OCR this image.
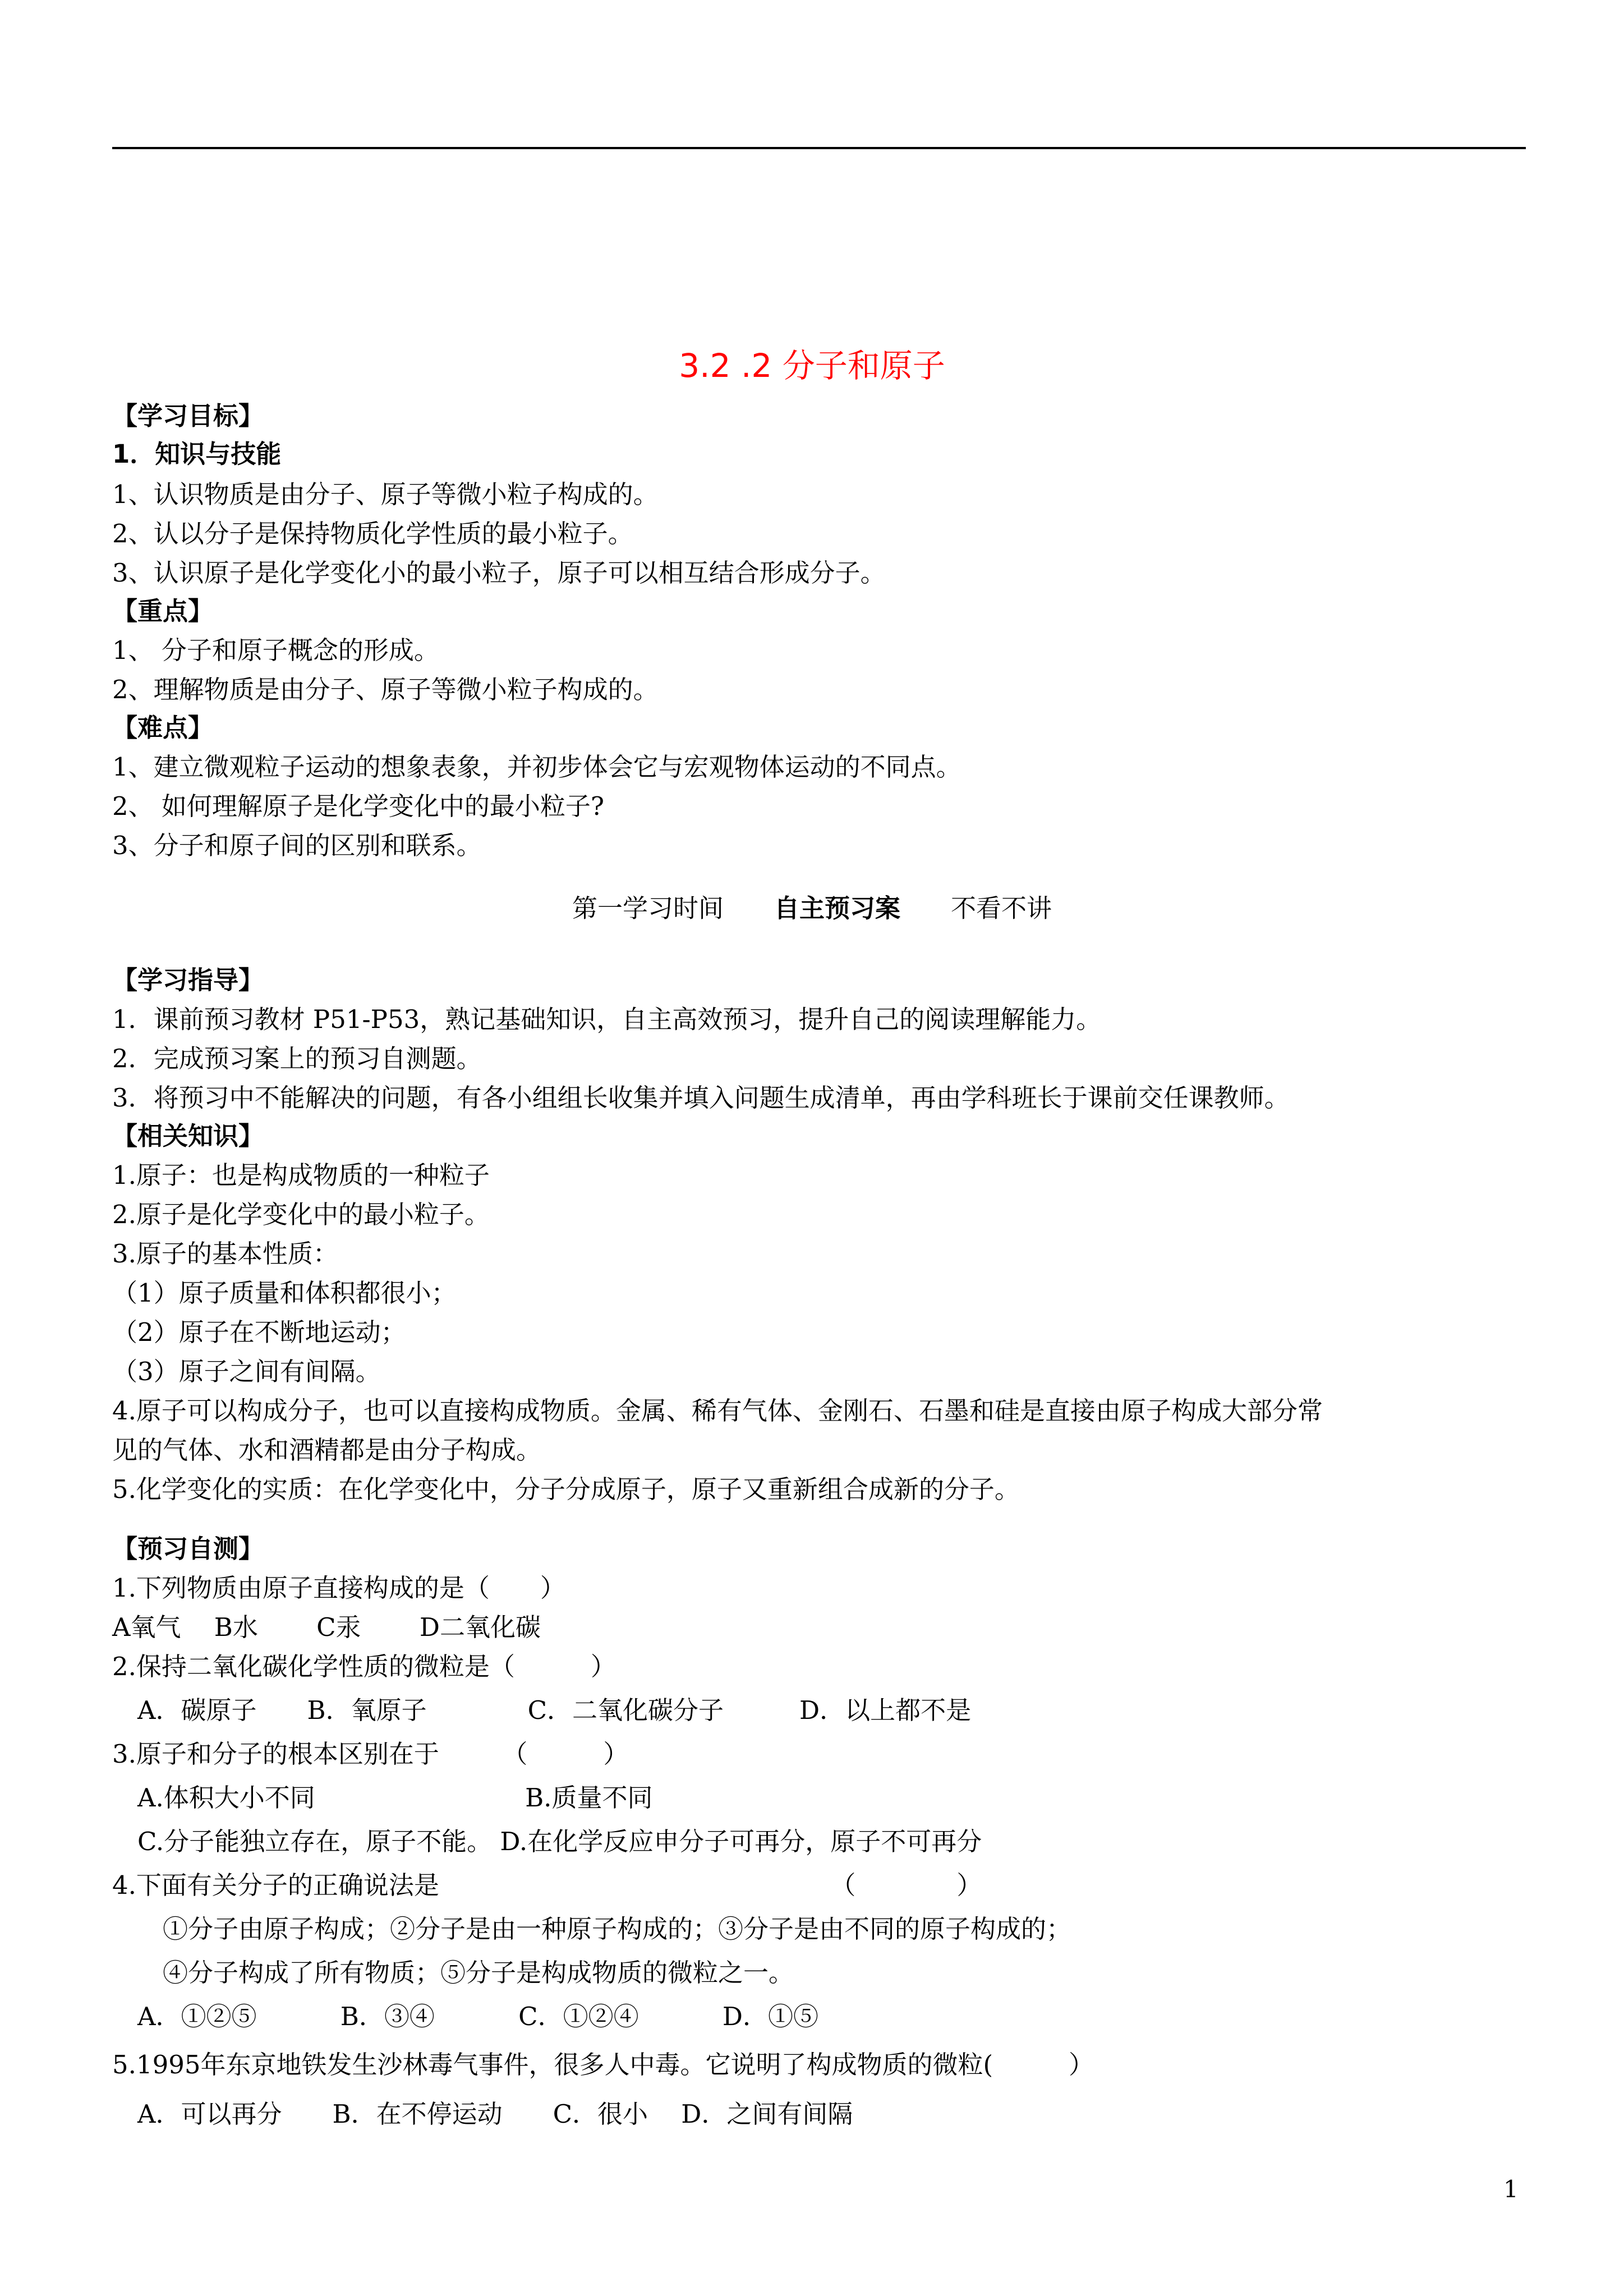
3.2 .2 分子和原子
【学习目标】
1．知识与技能
1、认识物质是由分子、原子等微小粒子构成的。
2、认以分子是保持物质化学性质的最小粒子。
3、认识原子是化学变化小的最小粒子，原子可以相互结合形成分子。
【重点】
1、 分子和原子概念的形成。
2、理解物质是由分子、原子等微小粒子构成的。
【难点】
1、建立微观粒子运动的想象表象，并初步体会它与宏观物体运动的不同点。
2、 如何理解原子是化学变化中的最小粒子?
3、分子和原子间的区别和联系。
第一学习时间　　 自主预习案　　 不看不讲
【学习指导】
1．课前预习教材 P51-P53，熟记基础知识，自主高效预习，提升自己的阅读理解能力。
2．完成预习案上的预习自测题。
3．将预习中不能解决的问题，有各小组组长收集并填入问题生成清单，再由学科班长于课前交任课教师。
【相关知识】
1.原子：也是构成物质的一种粒子
2.原子是化学变化中的最小粒子。
3.原子的基本性质：
（1）原子质量和体积都很小；
（2）原子在不断地运动；
（3）原子之间有间隔。
4.原子可以构成分子，也可以直接构成物质。金属、稀有气体、金刚石、石墨和硅是直接由原子构成大部分常
见的气体、水和酒精都是由分子构成。
5.化学变化的实质：在化学变化中，分子分成原子，原子又重新组合成新的分子。
【预习自测】
1.下列物质由原子直接构成的是（　　）
A氧气　 B水　　 C汞　　 D二氧化碳
2.保持二氧化碳化学性质的微粒是（　　　）
　A．碳原子　　B．氧原子　　　　C．二氧化碳分子　　　D．以上都不是
3.原子和分子的根本区别在于　　　（　　　）
　A.体积大小不同　　　　　　　　 B.质量不同
　C.分子能独立存在，原子不能。 D.在化学反应申分子可再分，原子不可再分
4.下面有关分子的正确说法是　　　　　　　　　　　　　　　　（　　　　）
　　①分子由原子构成；②分子是由一种原子构成的；③分子是由不同的原子构成的；
　　④分子构成了所有物质；⑤分子是构成物质的微粒之一。
　A．①②⑤　　　 B．③④　　　 C．①②④　　　 D．①⑤
5.1995年东京地铁发生沙林毒气事件，很多人中毒。它说明了构成物质的微粒(　　　）
　A．可以再分　　B．在不停运动　　C．很小　 D．之间有间隔
1
